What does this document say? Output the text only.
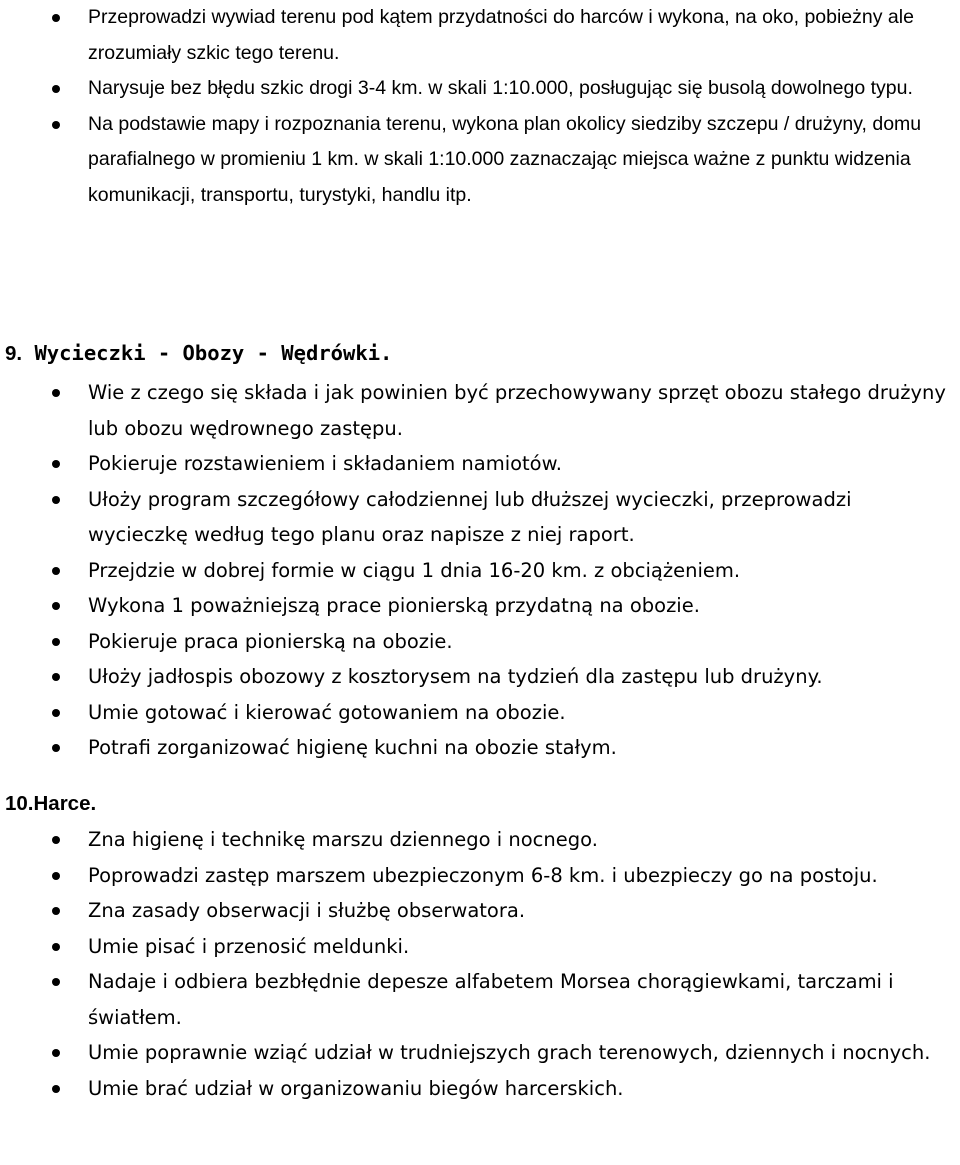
Przeprowadzi wywiad terenu pod kątem przydatności do harców i wykona, na oko, pobieżny ale zrozumiały szkic tego terenu.
Narysuje bez błędu szkic drogi 3-4 km. w skali 1:10.000, posługując się busolą dowolnego typu.
Na podstawie mapy i rozpoznania terenu, wykona plan okolicy siedziby szczepu / drużyny, domu parafialnego w promieniu 1 km. w skali 1:10.000 zaznaczając miejsca ważne z punktu widzenia komunikacji, transportu, turystyki, handlu itp.
9. Wycieczki - Obozy - Wędrówki.
Wie z czego się składa i jak powinien być przechowywany sprzęt obozu stałego drużyny lub obozu wędrownego zastępu.
Pokieruje rozstawieniem i składaniem namiotów.
Ułoży program szczegółowy całodziennej lub dłuższej wycieczki, przeprowadzi wycieczkę według tego planu oraz napisze z niej raport.
Przejdzie w dobrej formie w ciągu 1 dnia 16-20 km. z obciążeniem.
Wykona 1 poważniejszą prace pionierską przydatną na obozie.
Pokieruje praca pionierską na obozie.
Ułoży jadłospis obozowy z kosztorysem na tydzień dla zastępu lub drużyny.
Umie gotować i kierować gotowaniem na obozie.
Potrafi zorganizować higienę kuchni na obozie stałym.
10.Harce.
Zna higienę i technikę marszu dziennego i nocnego.
Poprowadzi zastęp marszem ubezpieczonym 6-8 km. i ubezpieczy go na postoju.
Zna zasady obserwacji i służbę obserwatora.
Umie pisać i przenosić meldunki.
Nadaje i odbiera bezbłędnie depesze alfabetem Morsea chorągiewkami, tarczami i światłem.
Umie poprawnie wziąć udział w trudniejszych grach terenowych, dziennych i nocnych.
Umie brać udział w organizowaniu biegów harcerskich.
